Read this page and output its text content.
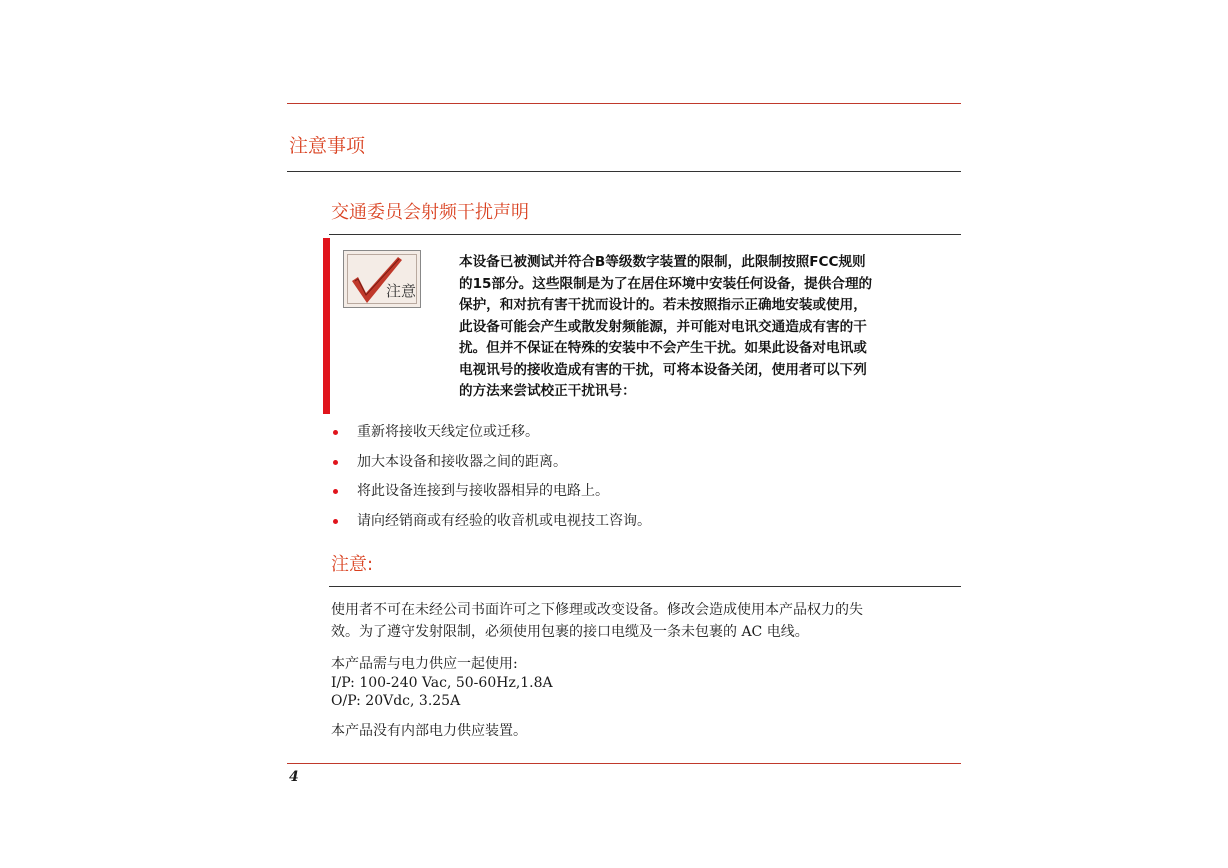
注意事项
交通委员会射频干扰声明
注意
本设备已被测试并符合B等级数字装置的限制，此限制按照FCC规则
的15部分。这些限制是为了在居住环境中安装任何设备，提供合理的
保护，和对抗有害干扰而设计的。若未按照指示正确地安装或使用，
此设备可能会产生或散发射频能源，并可能对电讯交通造成有害的干
扰。但并不保证在特殊的安装中不会产生干扰。如果此设备对电讯或
电视讯号的接收造成有害的干扰，可将本设备关闭，使用者可以下列
的方法来尝试校正干扰讯号：
重新将接收天线定位或迁移。
加大本设备和接收器之间的距离。
将此设备连接到与接收器相异的电路上。
请向经销商或有经验的收音机或电视技工咨询。
注意:
使用者不可在未经公司书面许可之下修理或改变设备。修改会造成使用本产品权力的失
效。为了遵守发射限制，必须使用包裹的接口电缆及一条未包裹的 AC 电线。
本产品需与电力供应一起使用:
I/P: 100-240 Vac, 50-60Hz,1.8A
O/P: 20Vdc, 3.25A
本产品没有内部电力供应装置。
4
